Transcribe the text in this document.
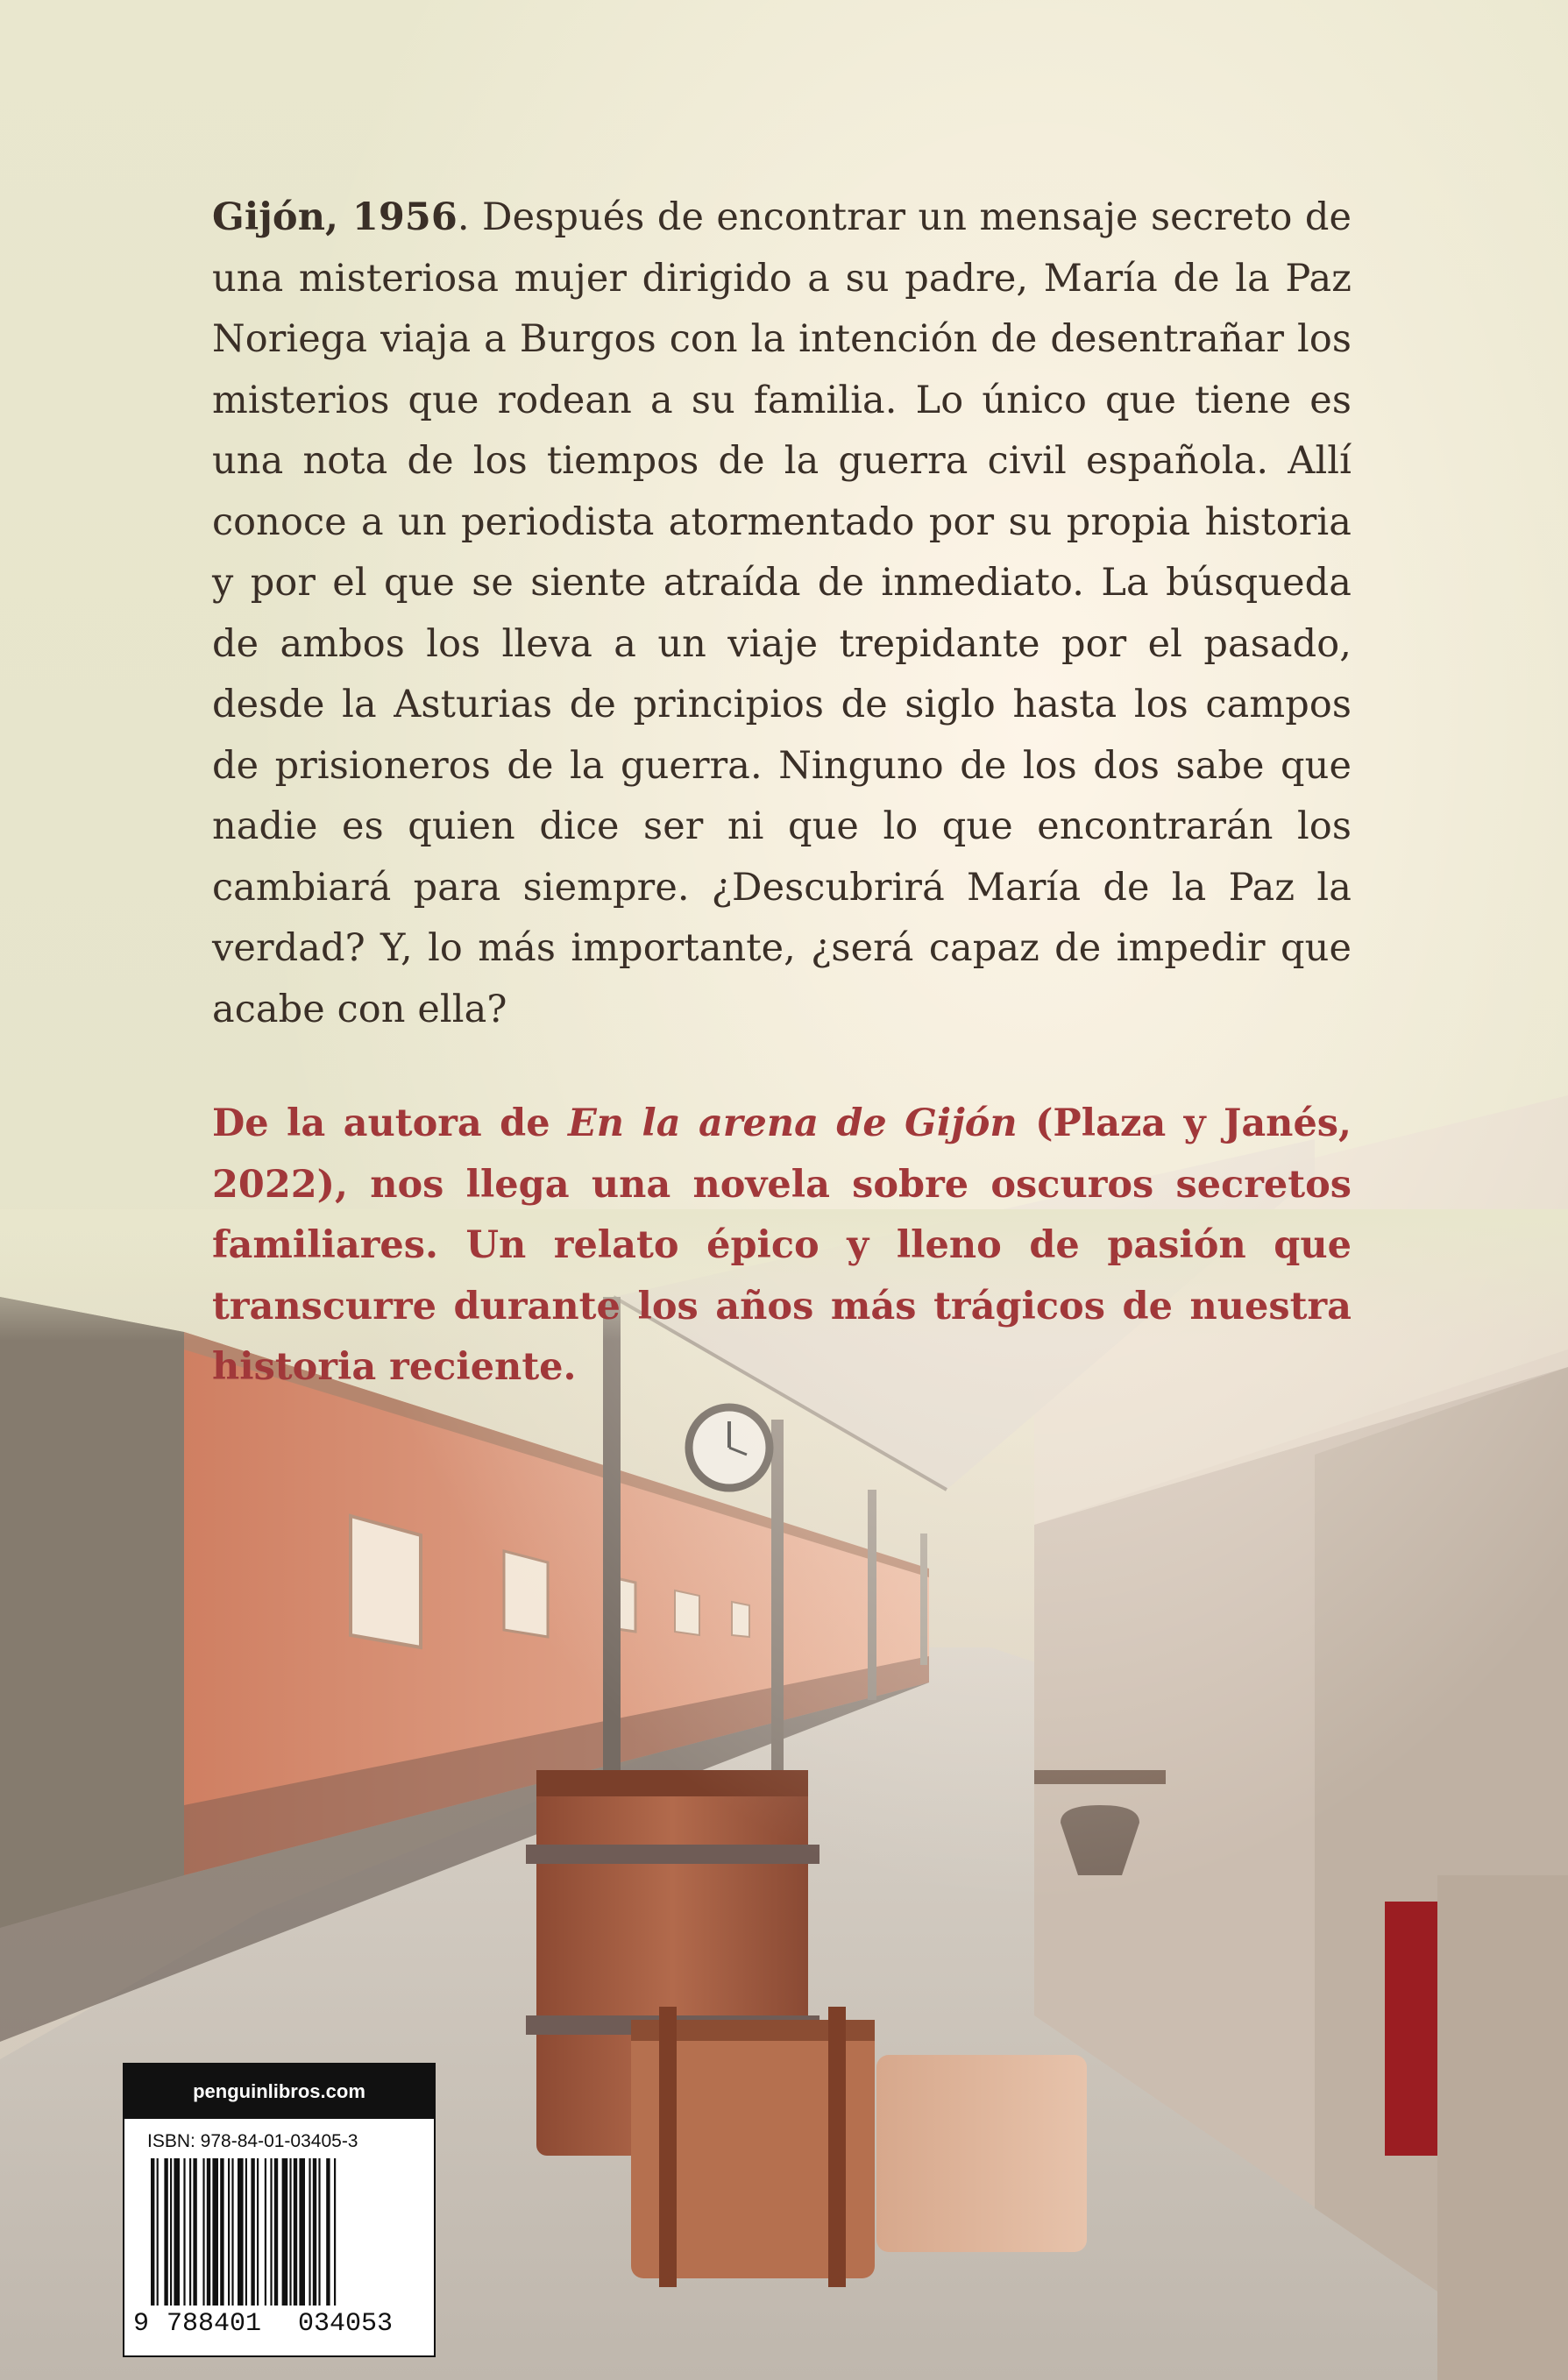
Gijón, 1956. Después de encontrar un mensaje secreto de una misteriosa mujer dirigido a su padre, María de la Paz Noriega viaja a Burgos con la intención de desentrañar los misterios que rodean a su familia. Lo único que tiene es una nota de los tiempos de la guerra civil española. Allí conoce a un periodista atormentado por su propia historia y por el que se siente atraída de inmediato. La búsqueda de ambos los lleva a un viaje trepidante por el pasado, desde la Asturias de principios de siglo hasta los campos de prisioneros de la guerra. Ninguno de los dos sabe que nadie es quien dice ser ni que lo que encontrarán los cambiará para siempre. ¿Descubrirá María de la Paz la verdad? Y, lo más importante, ¿será capaz de impedir que acabe con ella?

De la autora de En la arena de Gijón (Plaza y Janés, 2022), nos llega una novela sobre oscuros secretos familiares. Un relato épico y lleno de pasión que transcurre durante los años más trágicos de nuestra historia reciente.

penguinlibros.com
ISBN: 978-84-01-03405-3
9 788401 034053
